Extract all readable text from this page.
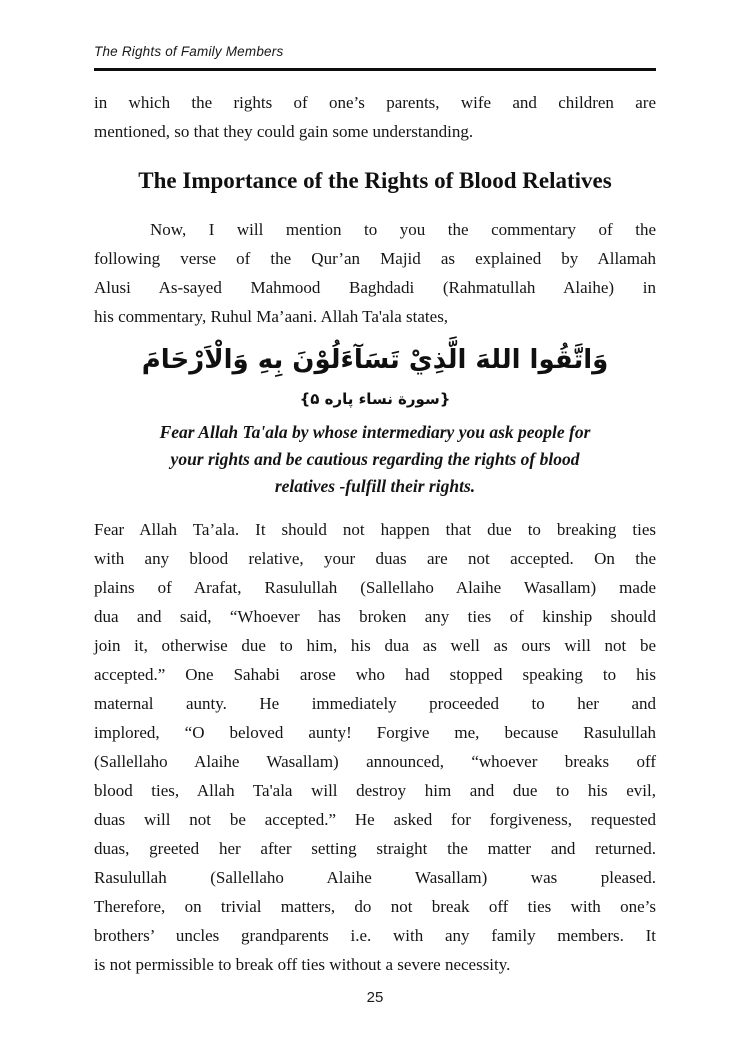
The Rights of Family Members
in which the rights of one’s parents, wife and children are
mentioned, so that they could gain some understanding.
The Importance of the Rights of Blood Relatives
Now, I will mention to you the commentary of the
following verse of the Qur’an Majid as explained by Allamah
Alusi As-sayed Mahmood Baghdadi (Rahmatullah Alaihe) in
his commentary, Ruhul Ma’aani. Allah Ta'ala states,
وَاتَّقُوا اللهَ الَّذِيْ تَسَآءَلُوْنَ بِهِ وَالْاَرْحَامَ
{سورة نساء پاره ۵}
Fear Allah Ta'ala by whose intermediary you ask people for
your rights and be cautious regarding the rights of blood
relatives -fulfill their rights.
Fear Allah Ta’ala. It should not happen that due to breaking ties
with any blood relative, your duas are not accepted. On the
plains of Arafat, Rasulullah (Sallellaho Alaihe Wasallam) made
dua and said, “Whoever has broken any ties of kinship should
join it, otherwise due to him, his dua as well as ours will not be
accepted.” One Sahabi arose who had stopped speaking to his
maternal aunty. He immediately proceeded to her and
implored, “O beloved aunty! Forgive me, because Rasulullah
(Sallellaho Alaihe Wasallam) announced, “whoever breaks off
blood ties, Allah Ta'ala will destroy him and due to his evil,
duas will not be accepted.” He asked for forgiveness, requested
duas, greeted her after setting straight the matter and returned.
Rasulullah (Sallellaho Alaihe Wasallam) was pleased.
Therefore, on trivial matters, do not break off ties with one’s
brothers’ uncles grandparents i.e. with any family members. It
is not permissible to break off ties without a severe necessity.
25
